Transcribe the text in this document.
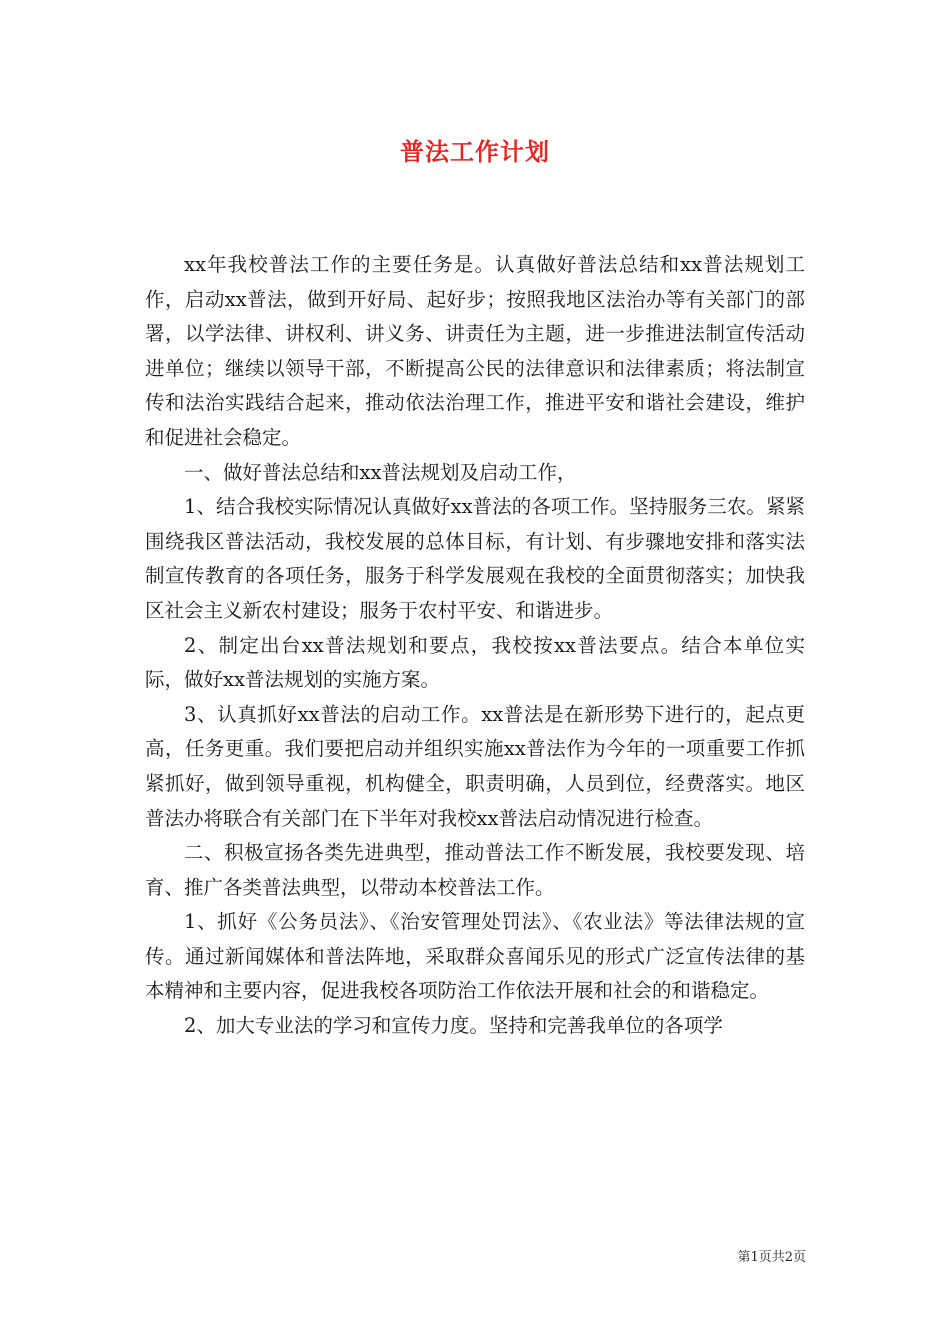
普法工作计划

xx年我校普法工作的主要任务是。认真做好普法总结和xx普法规划工作，启动xx普法，做到开好局、起好步；按照我地区法治办等有关部门的部署，以学法律、讲权利、讲义务、讲责任为主题，进一步推进法制宣传活动进单位；继续以领导干部，不断提高公民的法律意识和法律素质；将法制宣传和法治实践结合起来，推动依法治理工作，推进平安和谐社会建设，维护和促进社会稳定。

一、做好普法总结和xx普法规划及启动工作，

1、结合我校实际情况认真做好xx普法的各项工作。坚持服务三农。紧紧围绕我区普法活动，我校发展的总体目标，有计划、有步骤地安排和落实法制宣传教育的各项任务，服务于科学发展观在我校的全面贯彻落实；加快我区社会主义新农村建设；服务于农村平安、和谐进步。

2、制定出台xx普法规划和要点，我校按xx普法要点。结合本单位实际，做好xx普法规划的实施方案。

3、认真抓好xx普法的启动工作。xx普法是在新形势下进行的，起点更高，任务更重。我们要把启动并组织实施xx普法作为今年的一项重要工作抓紧抓好，做到领导重视，机构健全，职责明确，人员到位，经费落实。地区普法办将联合有关部门在下半年对我校xx普法启动情况进行检查。

二、积极宣扬各类先进典型，推动普法工作不断发展，我校要发现、培育、推广各类普法典型，以带动本校普法工作。

1、抓好《公务员法》、《治安管理处罚法》、《农业法》等法律法规的宣传。通过新闻媒体和普法阵地，采取群众喜闻乐见的形式广泛宣传法律的基本精神和主要内容，促进我校各项防治工作依法开展和社会的和谐稳定。

2、加大专业法的学习和宣传力度。坚持和完善我单位的各项学

第1页共2页
